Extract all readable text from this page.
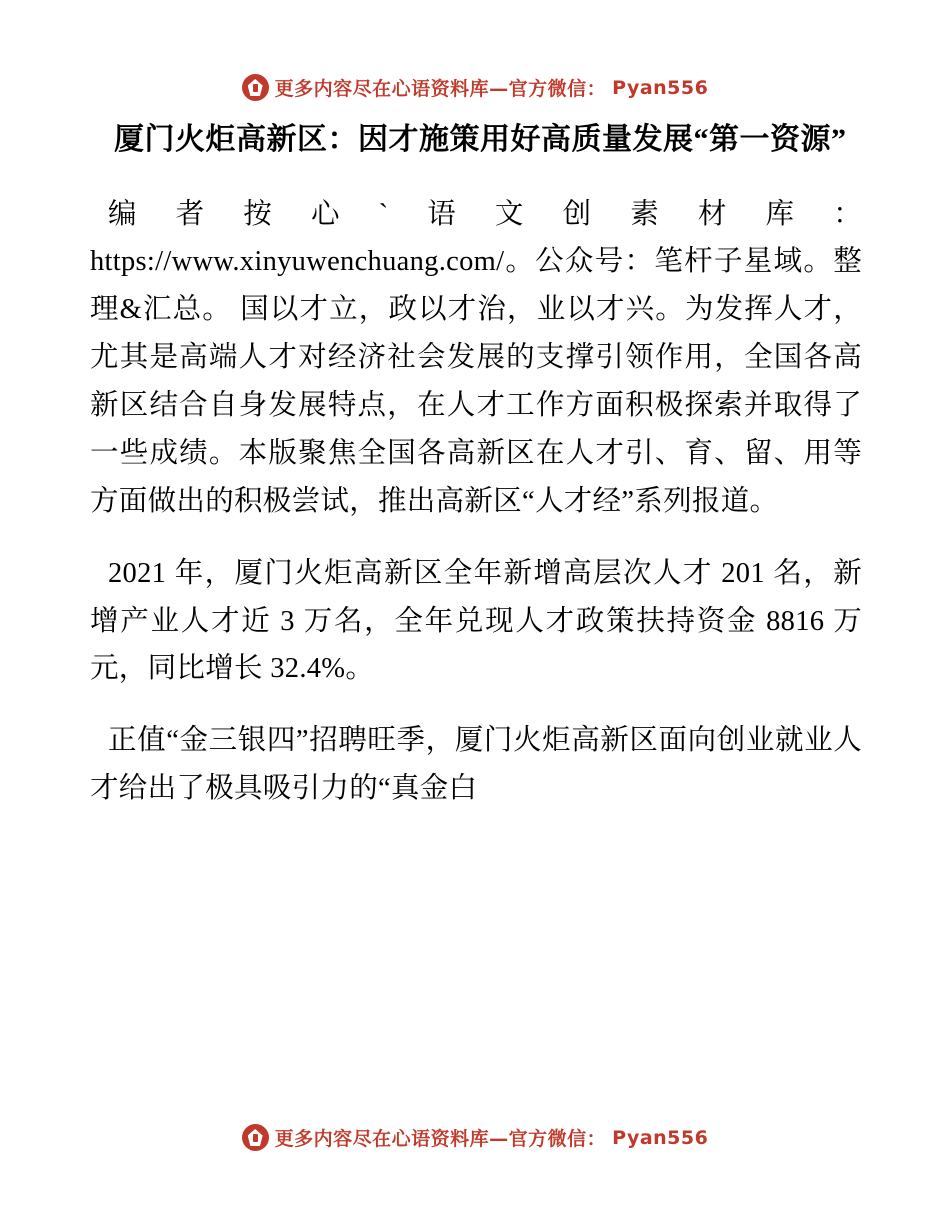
更多内容尽在心语资料库—官方微信： Pyan556
厦门火炬高新区：因才施策用好高质量发展“第一资源”

编者按心`语文创素材库：https://www.xinyuwenchuang.com/。公众号：笔杆子星域。整理&汇总。 国以才立，政以才治，业以才兴。为发挥人才，尤其是高端人才对经济社会发展的支撑引领作用，全国各高新区结合自身发展特点，在人才工作方面积极探索并取得了一些成绩。本版聚焦全国各高新区在人才引、育、留、用等方面做出的积极尝试，推出高新区“人才经”系列报道。

2021 年，厦门火炬高新区全年新增高层次人才 201 名，新增产业人才近 3 万名，全年兑现人才政策扶持资金 8816 万元，同比增长 32.4%。

正值“金三银四”招聘旺季，厦门火炬高新区面向创业就业人才给出了极具吸引力的“真金白

更多内容尽在心语资料库—官方微信： Pyan556
